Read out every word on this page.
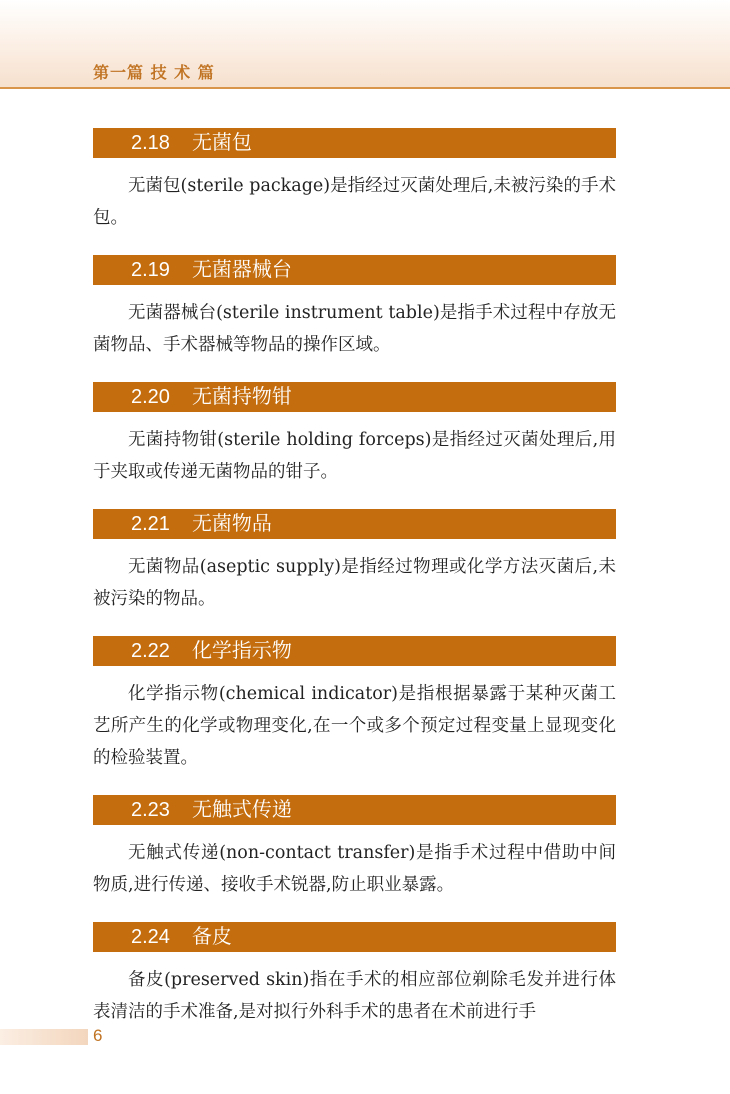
第一篇 技 术 篇
2.18 无菌包
无菌包(sterile package)是指经过灭菌处理后,未被污染的手术包。
2.19 无菌器械台
无菌器械台(sterile instrument table)是指手术过程中存放无菌物品、手术器械等物品的操作区域。
2.20 无菌持物钳
无菌持物钳(sterile holding forceps)是指经过灭菌处理后,用于夹取或传递无菌物品的钳子。
2.21 无菌物品
无菌物品(aseptic supply)是指经过物理或化学方法灭菌后,未被污染的物品。
2.22 化学指示物
化学指示物(chemical indicator)是指根据暴露于某种灭菌工艺所产生的化学或物理变化,在一个或多个预定过程变量上显现变化的检验装置。
2.23 无触式传递
无触式传递(non-contact transfer)是指手术过程中借助中间物质,进行传递、接收手术锐器,防止职业暴露。
2.24 备皮
备皮(preserved skin)指在手术的相应部位剃除毛发并进行体表清洁的手术准备,是对拟行外科手术的患者在术前进行手
6
